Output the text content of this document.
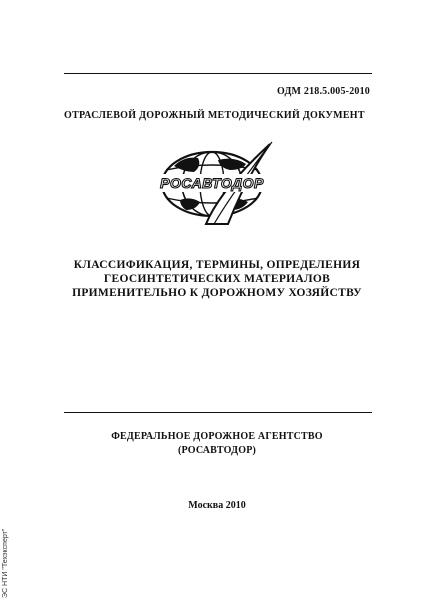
ОДМ 218.5.005-2010
ОТРАСЛЕВОЙ ДОРОЖНЫЙ МЕТОДИЧЕСКИЙ ДОКУМЕНТ
РОСАВТОДОР
КЛАССИФИКАЦИЯ, ТЕРМИНЫ, ОПРЕДЕЛЕНИЯ
ГЕОСИНТЕТИЧЕСКИХ МАТЕРИАЛОВ
ПРИМЕНИТЕЛЬНО К ДОРОЖНОМУ ХОЗЯЙСТВУ
ФЕДЕРАЛЬНОЕ ДОРОЖНОЕ АГЕНТСТВО
(РОСАВТОДОР)
Москва 2010
ЭС НТИ "Техэксперт"
